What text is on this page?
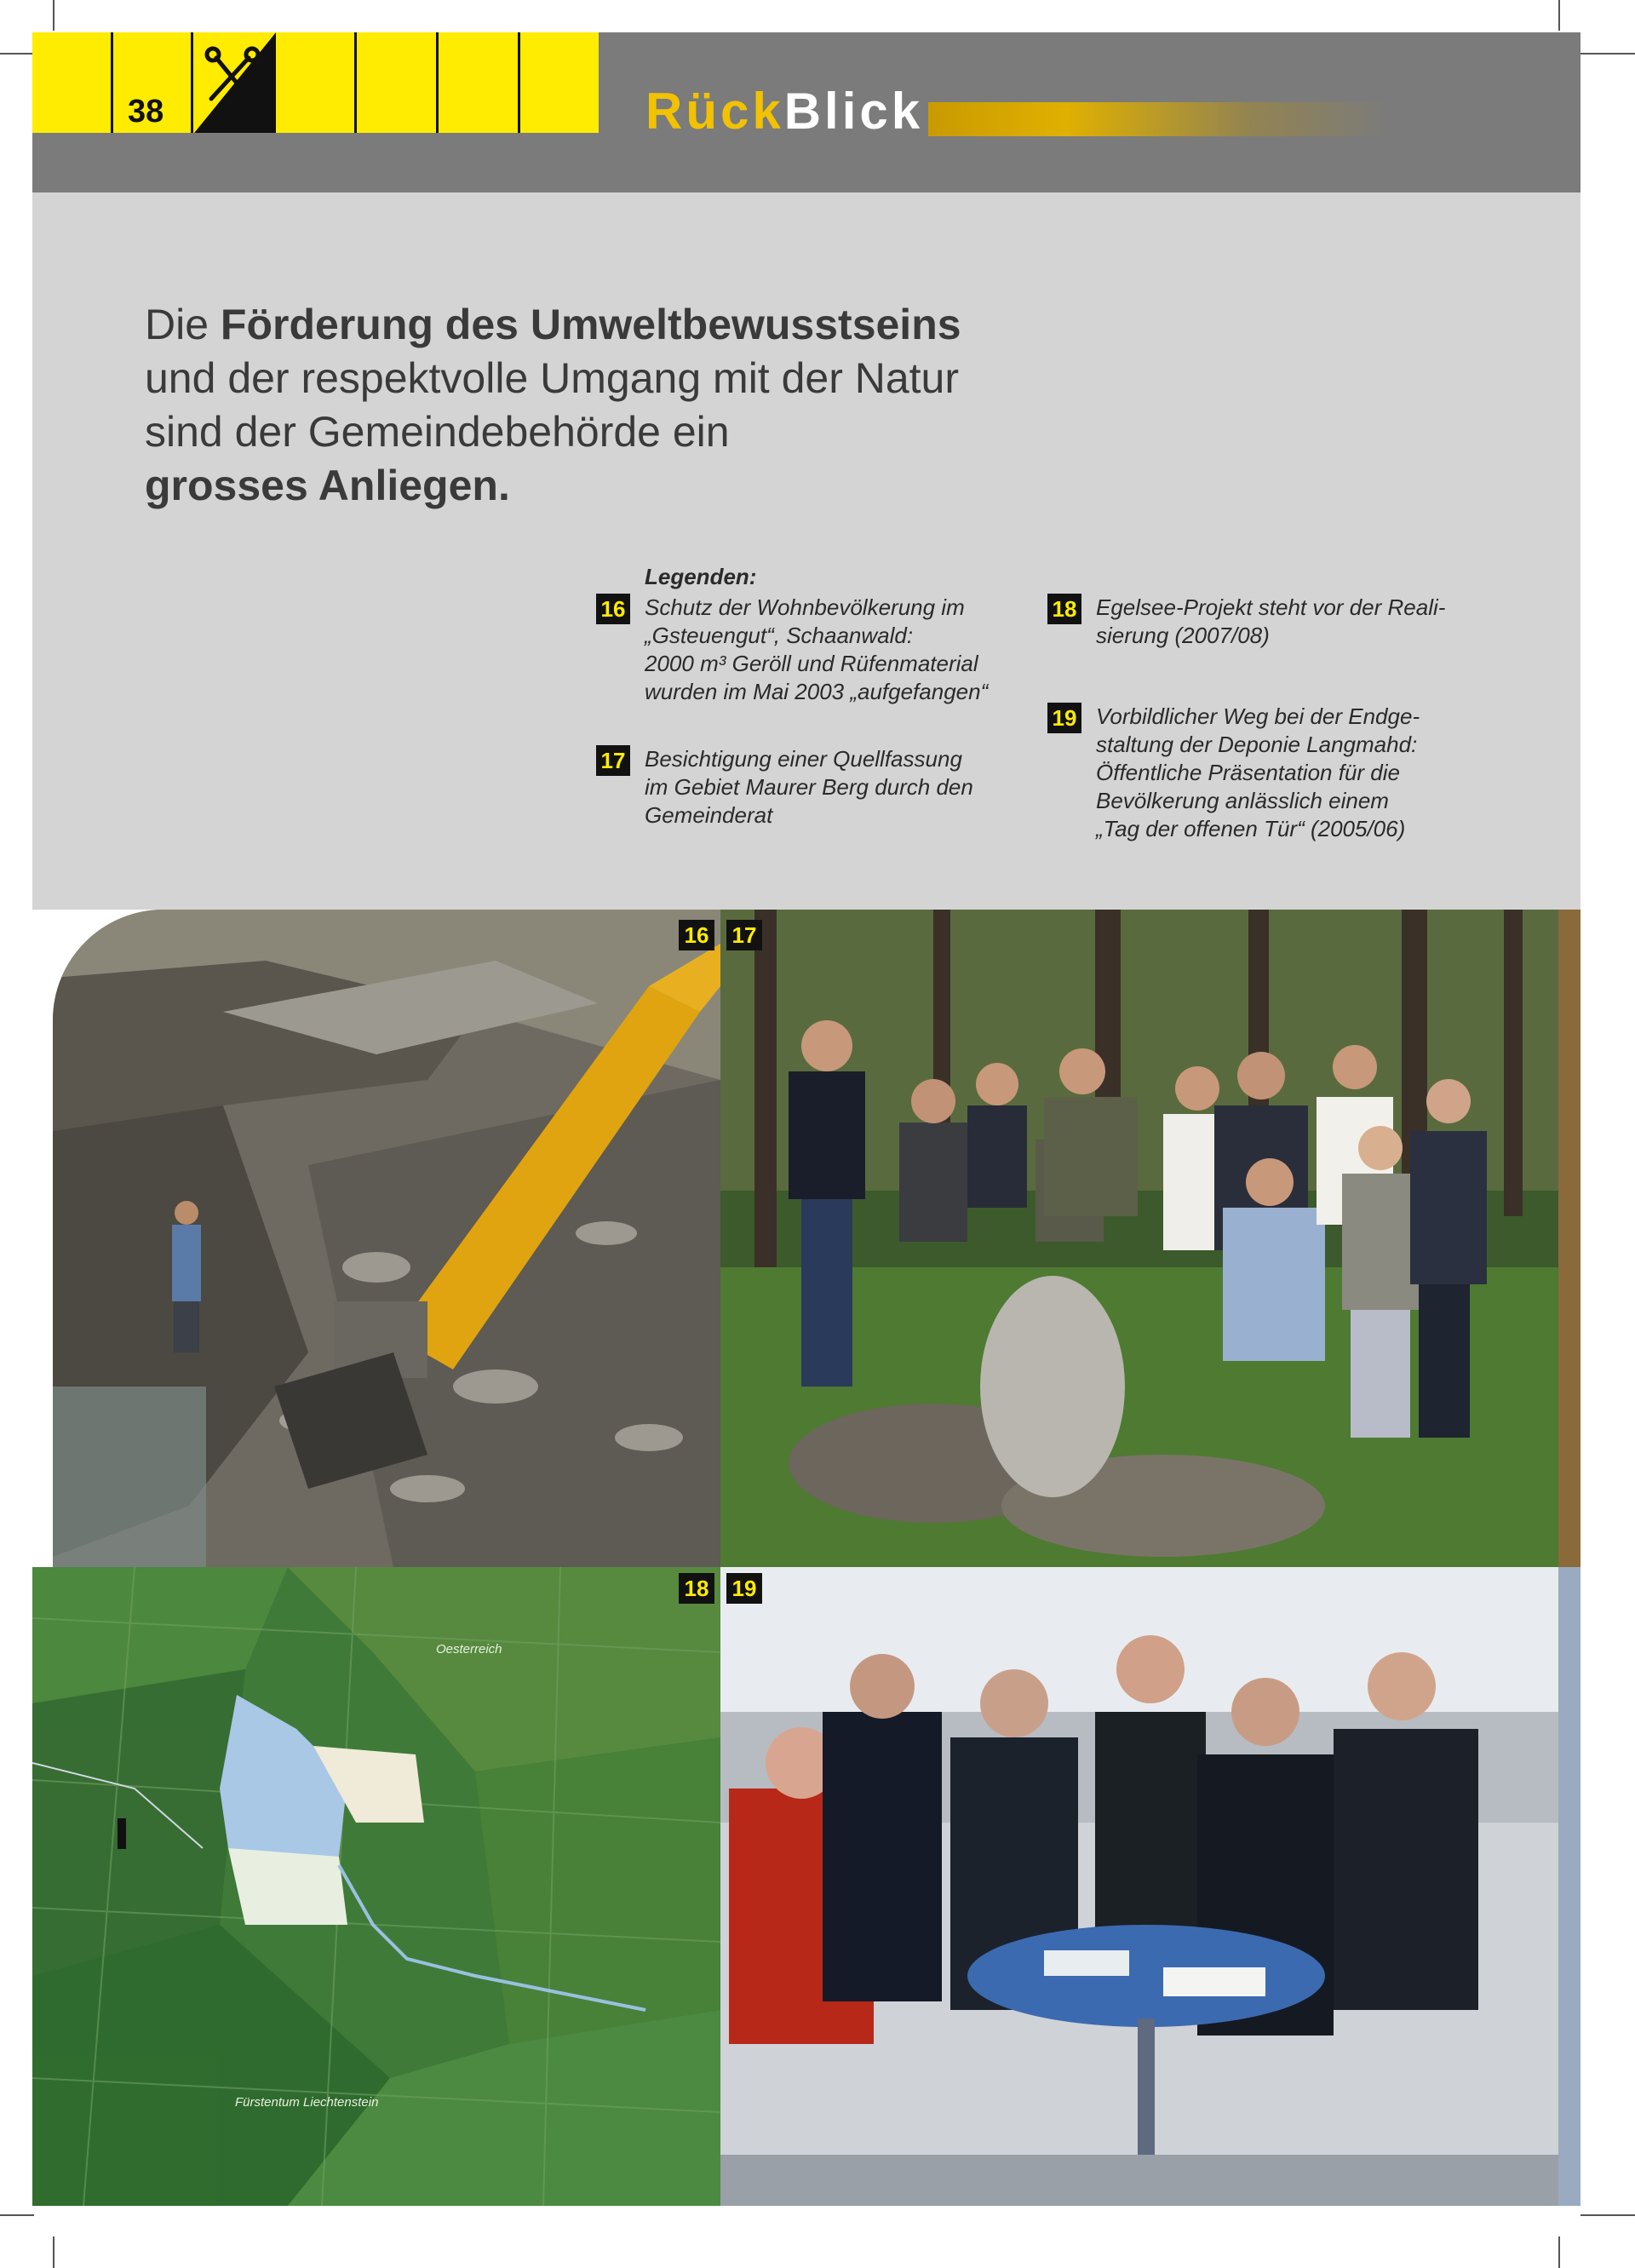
38	RückBlick
Die Förderung des Umweltbewusstseins
und der respektvolle Umgang mit der Natur
sind der Gemeindebehörde ein
grosses Anliegen.
Legenden:
16 Schutz der Wohnbevölkerung im
„Gsteuengut“, Schaanwald:
2000 m³ Geröll und Rüfenmaterial
wurden im Mai 2003 „aufgefangen“
17 Besichtigung einer Quellfassung
im Gebiet Maurer Berg durch den
Gemeinderat
18 Egelsee-Projekt steht vor der Reali-
sierung (2007/08)
19 Vorbildlicher Weg bei der Endge-
staltung der Deponie Langmahd:
Öffentliche Präsentation für die
Bevölkerung anlässlich einem
„Tag der offenen Tür“ (2005/06)
Oesterreich
Fürstentum Liechtenstein
16 17
18 19
